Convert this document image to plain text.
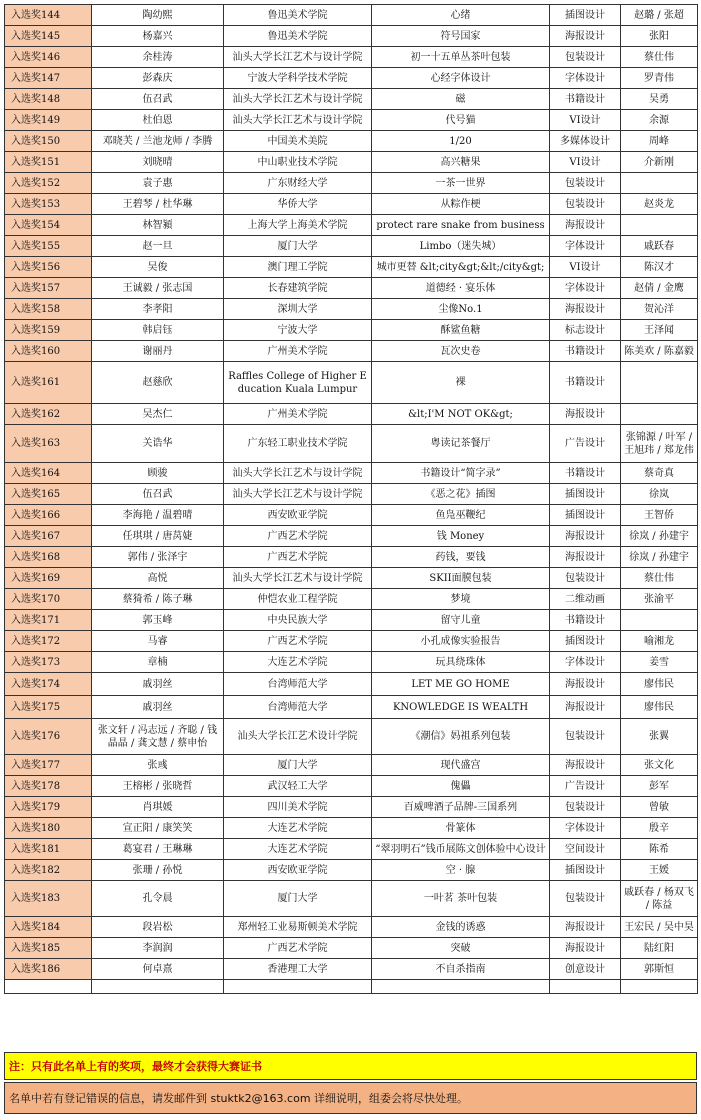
入选奖144	陶幼熙	鲁迅美术学院	心绪	插图设计	赵璐 / 张超
入选奖145	杨嘉兴	鲁迅美术学院	符号国家	海报设计	张阳
入选奖146	余桂涛	汕头大学长江艺术与设计学院	初一十五单丛茶叶包装	包装设计	蔡仕伟
入选奖147	彭森庆	宁波大学科学技术学院	心经字体设计	字体设计	罗青伟
入选奖148	伍召武	汕头大学长江艺术与设计学院	磁	书籍设计	吴勇
入选奖149	杜伯恩	汕头大学长江艺术与设计学院	代号猫	VI设计	余源
入选奖150	邓晓芙 / 兰池龙师 / 李腾	中国美术美院	1/20	多媒体设计	周峰
入选奖151	刘晓晴	中山职业技术学院	高兴糖果	VI设计	介新刚
入选奖152	袁子惠	广东财经大学	一茶一世界	包装设计	
入选奖153	王碧琴 / 杜华琳	华侨大学	从粽作梗	包装设计	赵炎龙
入选奖154	林智潁	上海大学上海美术学院	protect rare snake from business	海报设计	
入选奖155	赵一旦	厦门大学	Limbo（迷失城）	字体设计	戚跃春
入选奖156	吴俊	澳门理工学院	城市更替 &lt;city&gt;&lt;/city&gt;	VI设计	陈汉才
入选奖157	王诚毅 / 张志国	长春建筑学院	道德经 · 宴乐体	字体设计	赵倩 / 金鹰
入选奖158	李孝阳	深圳大学	尘像No.1	海报设计	贺沁洋
入选奖159	韩启钰	宁波大学	酥鲨鱼糖	标志设计	王泽闻
入选奖160	谢丽丹	广州美术学院	瓦次史卷	书籍设计	陈美欢 / 陈嘉毅
入选奖161	赵慈欣	Raffles College of Higher Education Kuala Lumpur	裸	书籍设计	
入选奖162	吴杰仁	广州美术学院	&lt;I'M NOT OK&gt;	海报设计	
入选奖163	关诰华	广东轻工职业技术学院	粤读记茶餐厅	广告设计	张锦源 / 叶军 / 王旭玮 / 郑龙伟
入选奖164	顾骏	汕头大学长江艺术与设计学院	书籍设计“简字录”	书籍设计	蔡奇真
入选奖165	伍召武	汕头大学长江艺术与设计学院	《恶之花》插图	插图设计	徐岚
入选奖166	李海艳 / 温碧晴	西安欧亚学院	鱼凫巫鞭纪	插图设计	王智侨
入选奖167	任琪琪 / 唐莴婕	广西艺术学院	钱 Money	海报设计	徐岚 / 孙建宇
入选奖168	郭伟 / 张泽宇	广西艺术学院	药钱，要钱	海报设计	徐岚 / 孙建宇
入选奖169	高悦	汕头大学长江艺术与设计学院	SKII面膜包装	包装设计	蔡仕伟
入选奖170	蔡猗希 / 陈子琳	仲恺农业工程学院	梦境	二维动画	张渝平
入选奖171	郭玉峰	中央民族大学	留守儿童	书籍设计	
入选奖172	马睿	广西艺术学院	小孔成像实验报告	插图设计	喻湘龙
入选奖173	章楠	大连艺术学院	玩具绕珠体	字体设计	姜雪
入选奖174	戚羽丝	台湾师范大学	LET ME GO HOME	海报设计	廖伟民
入选奖175	戚羽丝	台湾师范大学	KNOWLEDGE IS WEALTH	海报设计	廖伟民
入选奖176	张文轩 / 冯志远 / 齐聪 / 钱晶晶 / 龚文慧 / 蔡申怡	汕头大学长江艺术设计学院	《潮信》妈祖系列包装	包装设计	张翼
入选奖177	张彧	厦门大学	现代盛宫	海报设计	张文化
入选奖178	王榕彬 / 张晓哲	武汉轻工大学	傀儡	广告设计	彭军
入选奖179	肖琪媛	四川美术学院	百威啤酒子品牌-三国系列	包装设计	曾敏
入选奖180	宣正阳 / 康笑笑	大连艺术学院	骨篆体	字体设计	殷辛
入选奖181	葛宴君 / 王琳琳	大连艺术学院	“翠羽明石”钱币展陈文创体验中心设计	空间设计	陈希
入选奖182	张珊 / 孙悦	西安欧亚学院	空 · 腺	插图设计	王媛
入选奖183	孔令晨	厦门大学	一叶茗 茶叶包装	包装设计	戚跃春 / 杨双飞 / 陈益
入选奖184	段岩松	郑州轻工业易斯顿美术学院	金钱的诱惑	海报设计	王宏民 / 吴中昊
入选奖185	李润润	广西艺术学院	突破	海报设计	陆红阳
入选奖186	何卓熹	香港理工大学	不自杀指南	创意设计	郭斯恒

注：只有此名单上有的奖项，最终才会获得大赛证书
名单中若有登记错误的信息，请发邮件到 stuktk2@163.com 详细说明，组委会将尽快处理。
